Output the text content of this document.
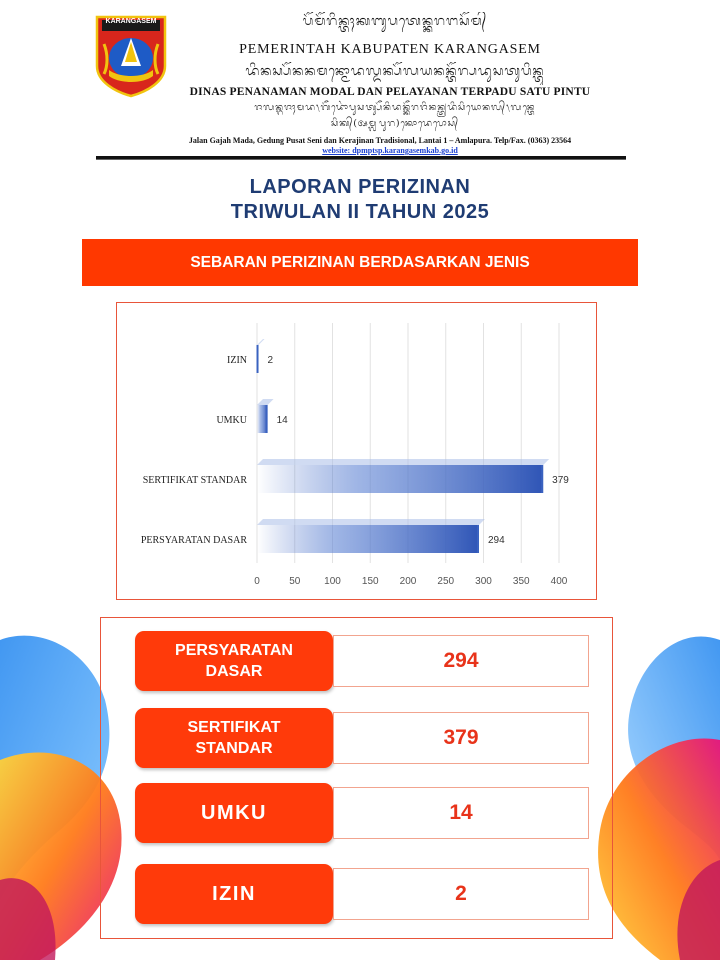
KARANGASEM	ᬧᭂᬫᭂᬭᬶᬦ᭄ᬢᬄᬓᬩᬸᬧᬢᬾᬦ᭄ᬓᬭᬗᬲᭂᬫ᭄
PEMERINTAH KABUPATEN KARANGASEM
ᬤᬶᬦᬲ᭄ᬧᭂᬦᬦᬫᬦ᭄ᬫᭀᬤᬮ᭄ᬤᬦ᭄ᬧᭂᬮᬬᬦᬦ᭄ᬢᭂᬭ᭄ᬧᬤᬸᬲᬢᬸᬧᬶᬦ᭄ᬢᬸ
DINAS PENANAMAN MODAL DAN PELAYANAN TERPADU SATU PINTU
ᬚᬮᬦ᭄ᬕᬚᬄᬫᬤ᭞ᬕᭂᬤᭀᬂᬧᬸᬲᬢ᭄ᬲᭂᬦᬶᬤᬦ᭄ᬓᭂᬭᬚᬶᬦᬦ᭄ᬢ᭄ᬭᬤᬶᬲᬶᬬᭀᬦᬮ᭄᭞ᬮᬦ᭄ᬢᬾ
ᬲᬶᬓ᭄(ᬅᬫ᭄ᬮᬧᬸᬭ)ᬓᭀᬤᬾᬧᭀᬲ᭄
Jalan Gajah Mada, Gedung Pusat Seni dan Kerajinan Tradisional, Lantai 1 – Amlapura. Telp/Fax. (0363) 23564
website: dpmptsp.karangasemkab.go.id
LAPORAN PERIZINAN
TRIWULAN II TAHUN 2025
SEBARAN PERIZINAN BERDASARKAN JENIS
0	50 100 150 200 250 300 350 400
IZIN 2
UMKU	14
SERTIFIKAT STANDAR	379
PERSYARATAN DASAR	294
PERSYARATAN
DASAR	294
SERTIFIKAT
STANDAR	379
UMKU	14
IZIN	2
